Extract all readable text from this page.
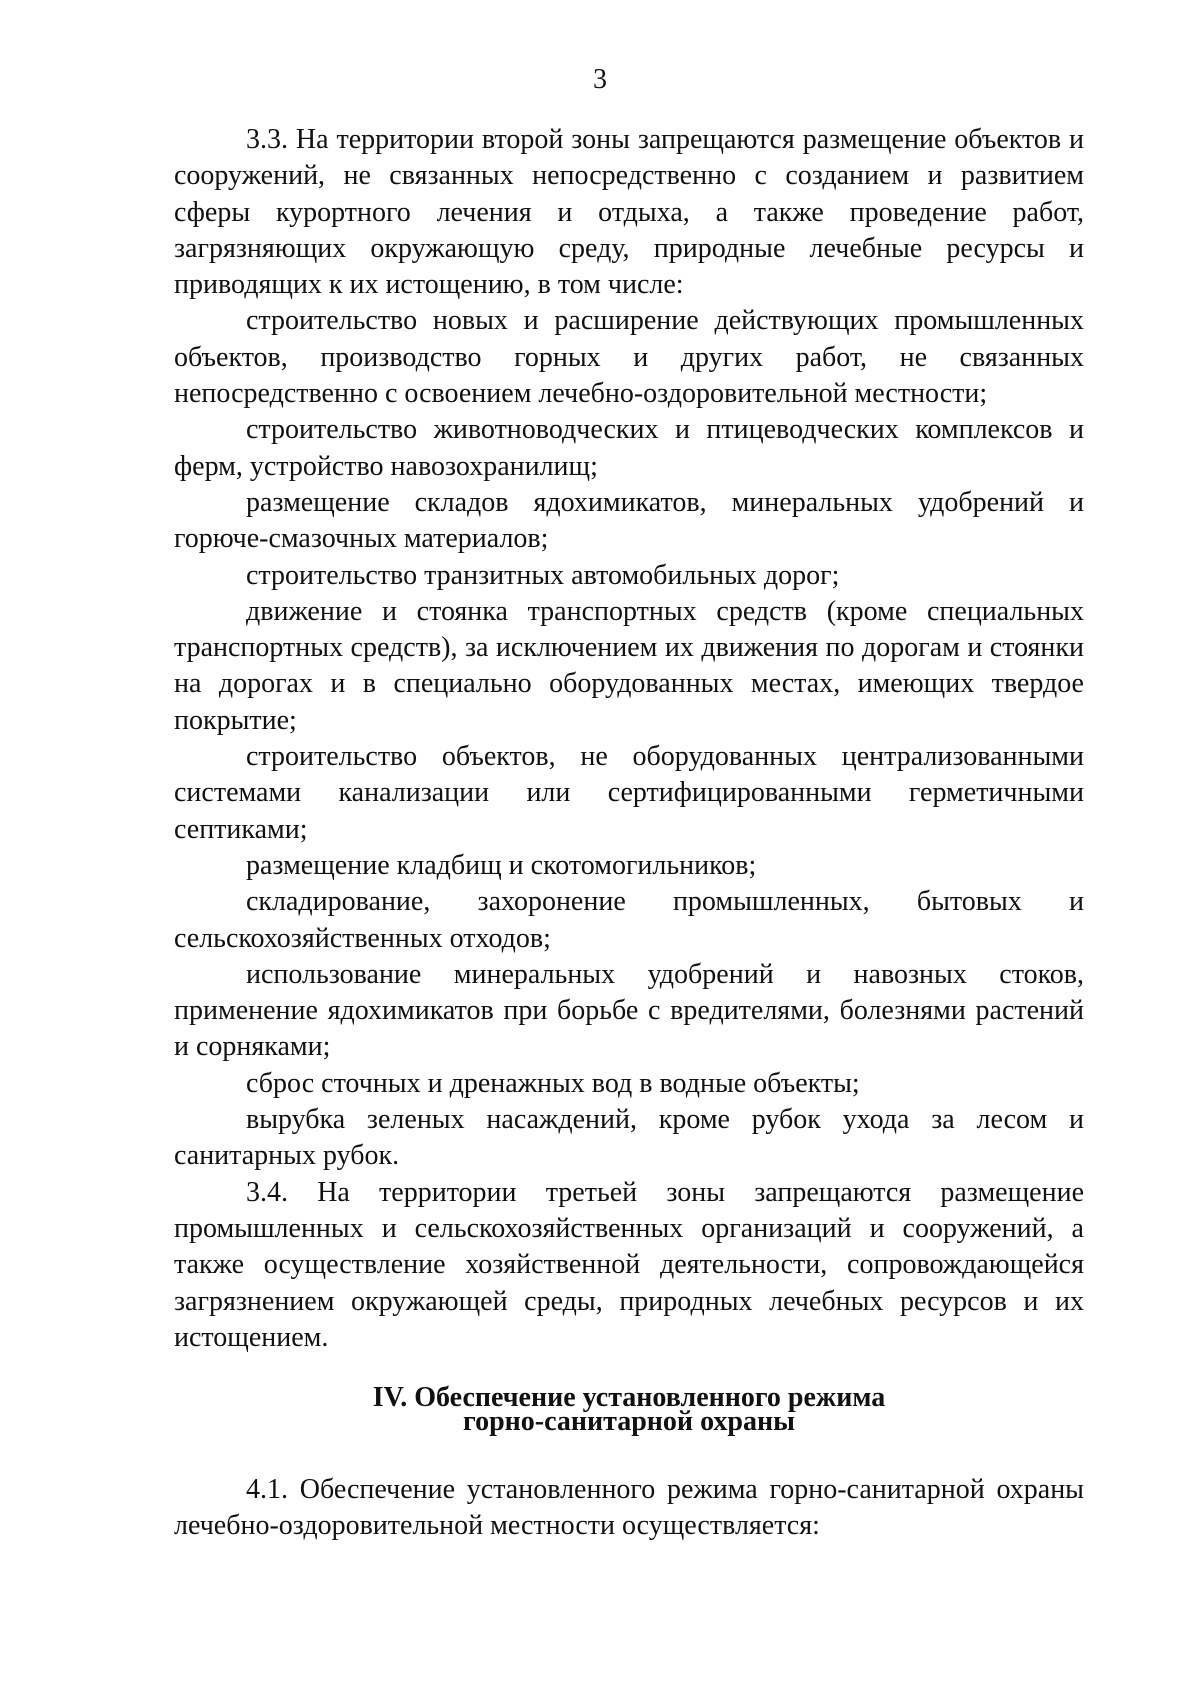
3

3.3. На территории второй зоны запрещаются размещение объектов и сооружений, не связанных непосредственно с созданием и развитием сферы курортного лечения и отдыха, а также проведение работ, загрязняющих окружающую среду, природные лечебные ресурсы и приводящих к их истощению, в том числе:

строительство новых и расширение действующих промышленных объектов, производство горных и других работ, не связанных непосредственно с освоением лечебно-оздоровительной местности;

строительство животноводческих и птицеводческих комплексов и ферм, устройство навозохранилищ;

размещение складов ядохимикатов, минеральных удобрений и горюче-смазочных материалов;

строительство транзитных автомобильных дорог;

движение и стоянка транспортных средств (кроме специальных транспортных средств), за исключением их движения по дорогам и стоянки на дорогах и в специально оборудованных местах, имеющих твердое покрытие;

строительство объектов, не оборудованных централизованными системами канализации или сертифицированными герметичными септиками;

размещение кладбищ и скотомогильников;

складирование, захоронение промышленных, бытовых и сельскохозяйственных отходов;

использование минеральных удобрений и навозных стоков, применение ядохимикатов при борьбе с вредителями, болезнями растений и сорняками;

сброс сточных и дренажных вод в водные объекты;

вырубка зеленых насаждений, кроме рубок ухода за лесом и санитарных рубок.

3.4. На территории третьей зоны запрещаются размещение промышленных и сельскохозяйственных организаций и сооружений, а также осуществление хозяйственной деятельности, сопровождающейся загрязнением окружающей среды, природных лечебных ресурсов и их истощением.

IV. Обеспечение установленного режима
горно-санитарной охраны

4.1. Обеспечение установленного режима горно-санитарной охраны лечебно-оздоровительной местности осуществляется:
